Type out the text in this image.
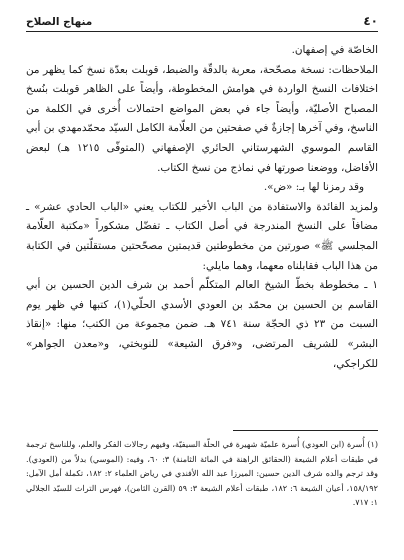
٤٠
منهاج الصلاح

الخاصّة في إصفهان.

الملاحظات: نسخة مصحّحة، معربة بالدقّة والضبط، قوبلت بعدّة نسخ كما يظهر من اختلافات النسخ الواردة في هوامش المخطوطة، وأيضاً على الظاهر قوبلت بنُسخ المصباح الأصليّة، وأيضاً جاء في بعض المواضع احتمالات أُخرى في الكلمة من الناسخ، وفي آخرها إجازةٌ في صفحتين من العلّامة الكامل السيّد محمّدمهدي بن أبي القاسم الموسوي الشهرستاني الحائري الإصفهاني (المتوفّى ١٢١٥ هـ) لبعض الأفاضل، ووضعنا صورتها في نماذج من نسخ الكتاب.

وقد رمزنا لها بـ: «ض».

ولمزيد الفائدة والاستفادة من الباب الأخير للكتاب يعني «الباب الحادي عشر» ـ مضافاً على النسخ المندرجة في أصل الكتاب ـ تفضّل مشكوراً «مكتبة العلّامة المجلسي ﷺ» صورتين من مخطوطتين قديمتين مصحّحتين مستقلّتين في الكتابة من هذا الباب فقابلناه معهما، وهما مايلي:

١ ـ مخطوطة بخطّ الشيخ العالم المتكلّم أحمد بن شرف الدين الحسين بن أبي القاسم بن الحسين بن محمّد بن العودي الأسدي الحلّي(١)، كتبها في ظهر يوم السبت من ٢٣ ذي الحجّة سنة ٧٤١ هـ. ضمن مجموعة من الكتب؛ منها: «إنقاذ البشر» للشريف المرتضى، و«فرق الشيعة» للنوبختي، و«معدن الجواهر» للكراجكي،

(١) أُسرة (ابن العودي) أُسرة علميّة شهيرة في الحلّة السيفيّة، وفيهم رجالات الفكر والعلم، وللناسخ ترجمة في طبقات أعلام الشيعة (الحقائق الراهنة في المائة الثامنة) ٣: ٦٠، وفيه: (الموسي) بدلاً من (العودي). وقد ترجم والده شرف الدين حسين: الميرزا عبد الله الأفندي في رياض العلماء ٢: ١٨٢، تكملة أمل الآمل: ١٥٨/١٩٢، أعيان الشيعة ٦: ١٨٢، طبقات أعلام الشيعة ٣: ٥٩ (القرن الثامن)، فهرس التراث للسيّد الجلالي ١: ٧١٧.
